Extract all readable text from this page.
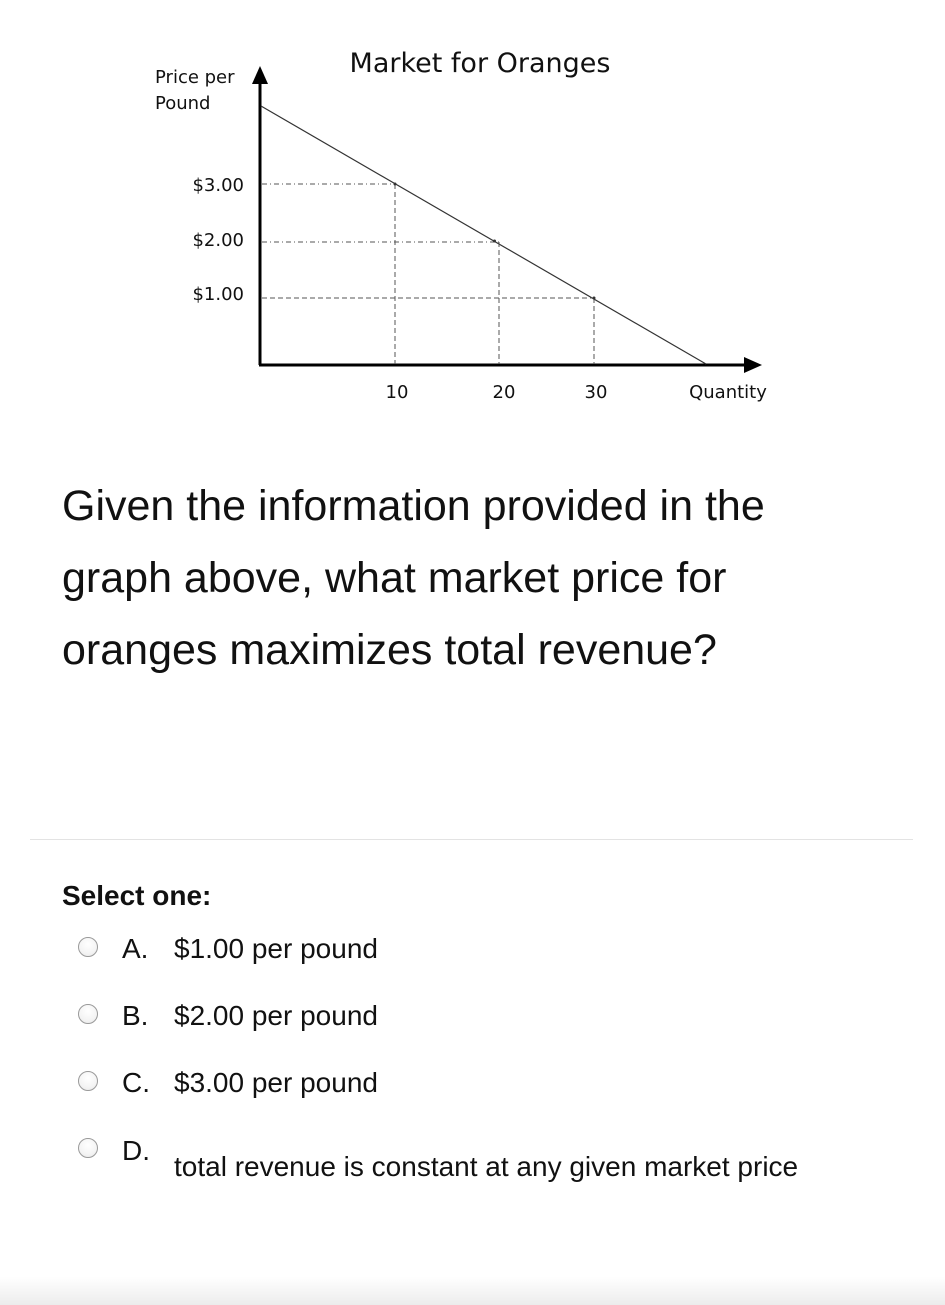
Market for Oranges
Price per
Pound
Quantity
$1.00
$2.00
$3.00
10	20	30

Given the information provided in the graph above, what market price for oranges maximizes total revenue?

Select one:
A. $1.00 per pound
B. $2.00 per pound
C. $3.00 per pound
D.
total revenue is constant at any given market price
